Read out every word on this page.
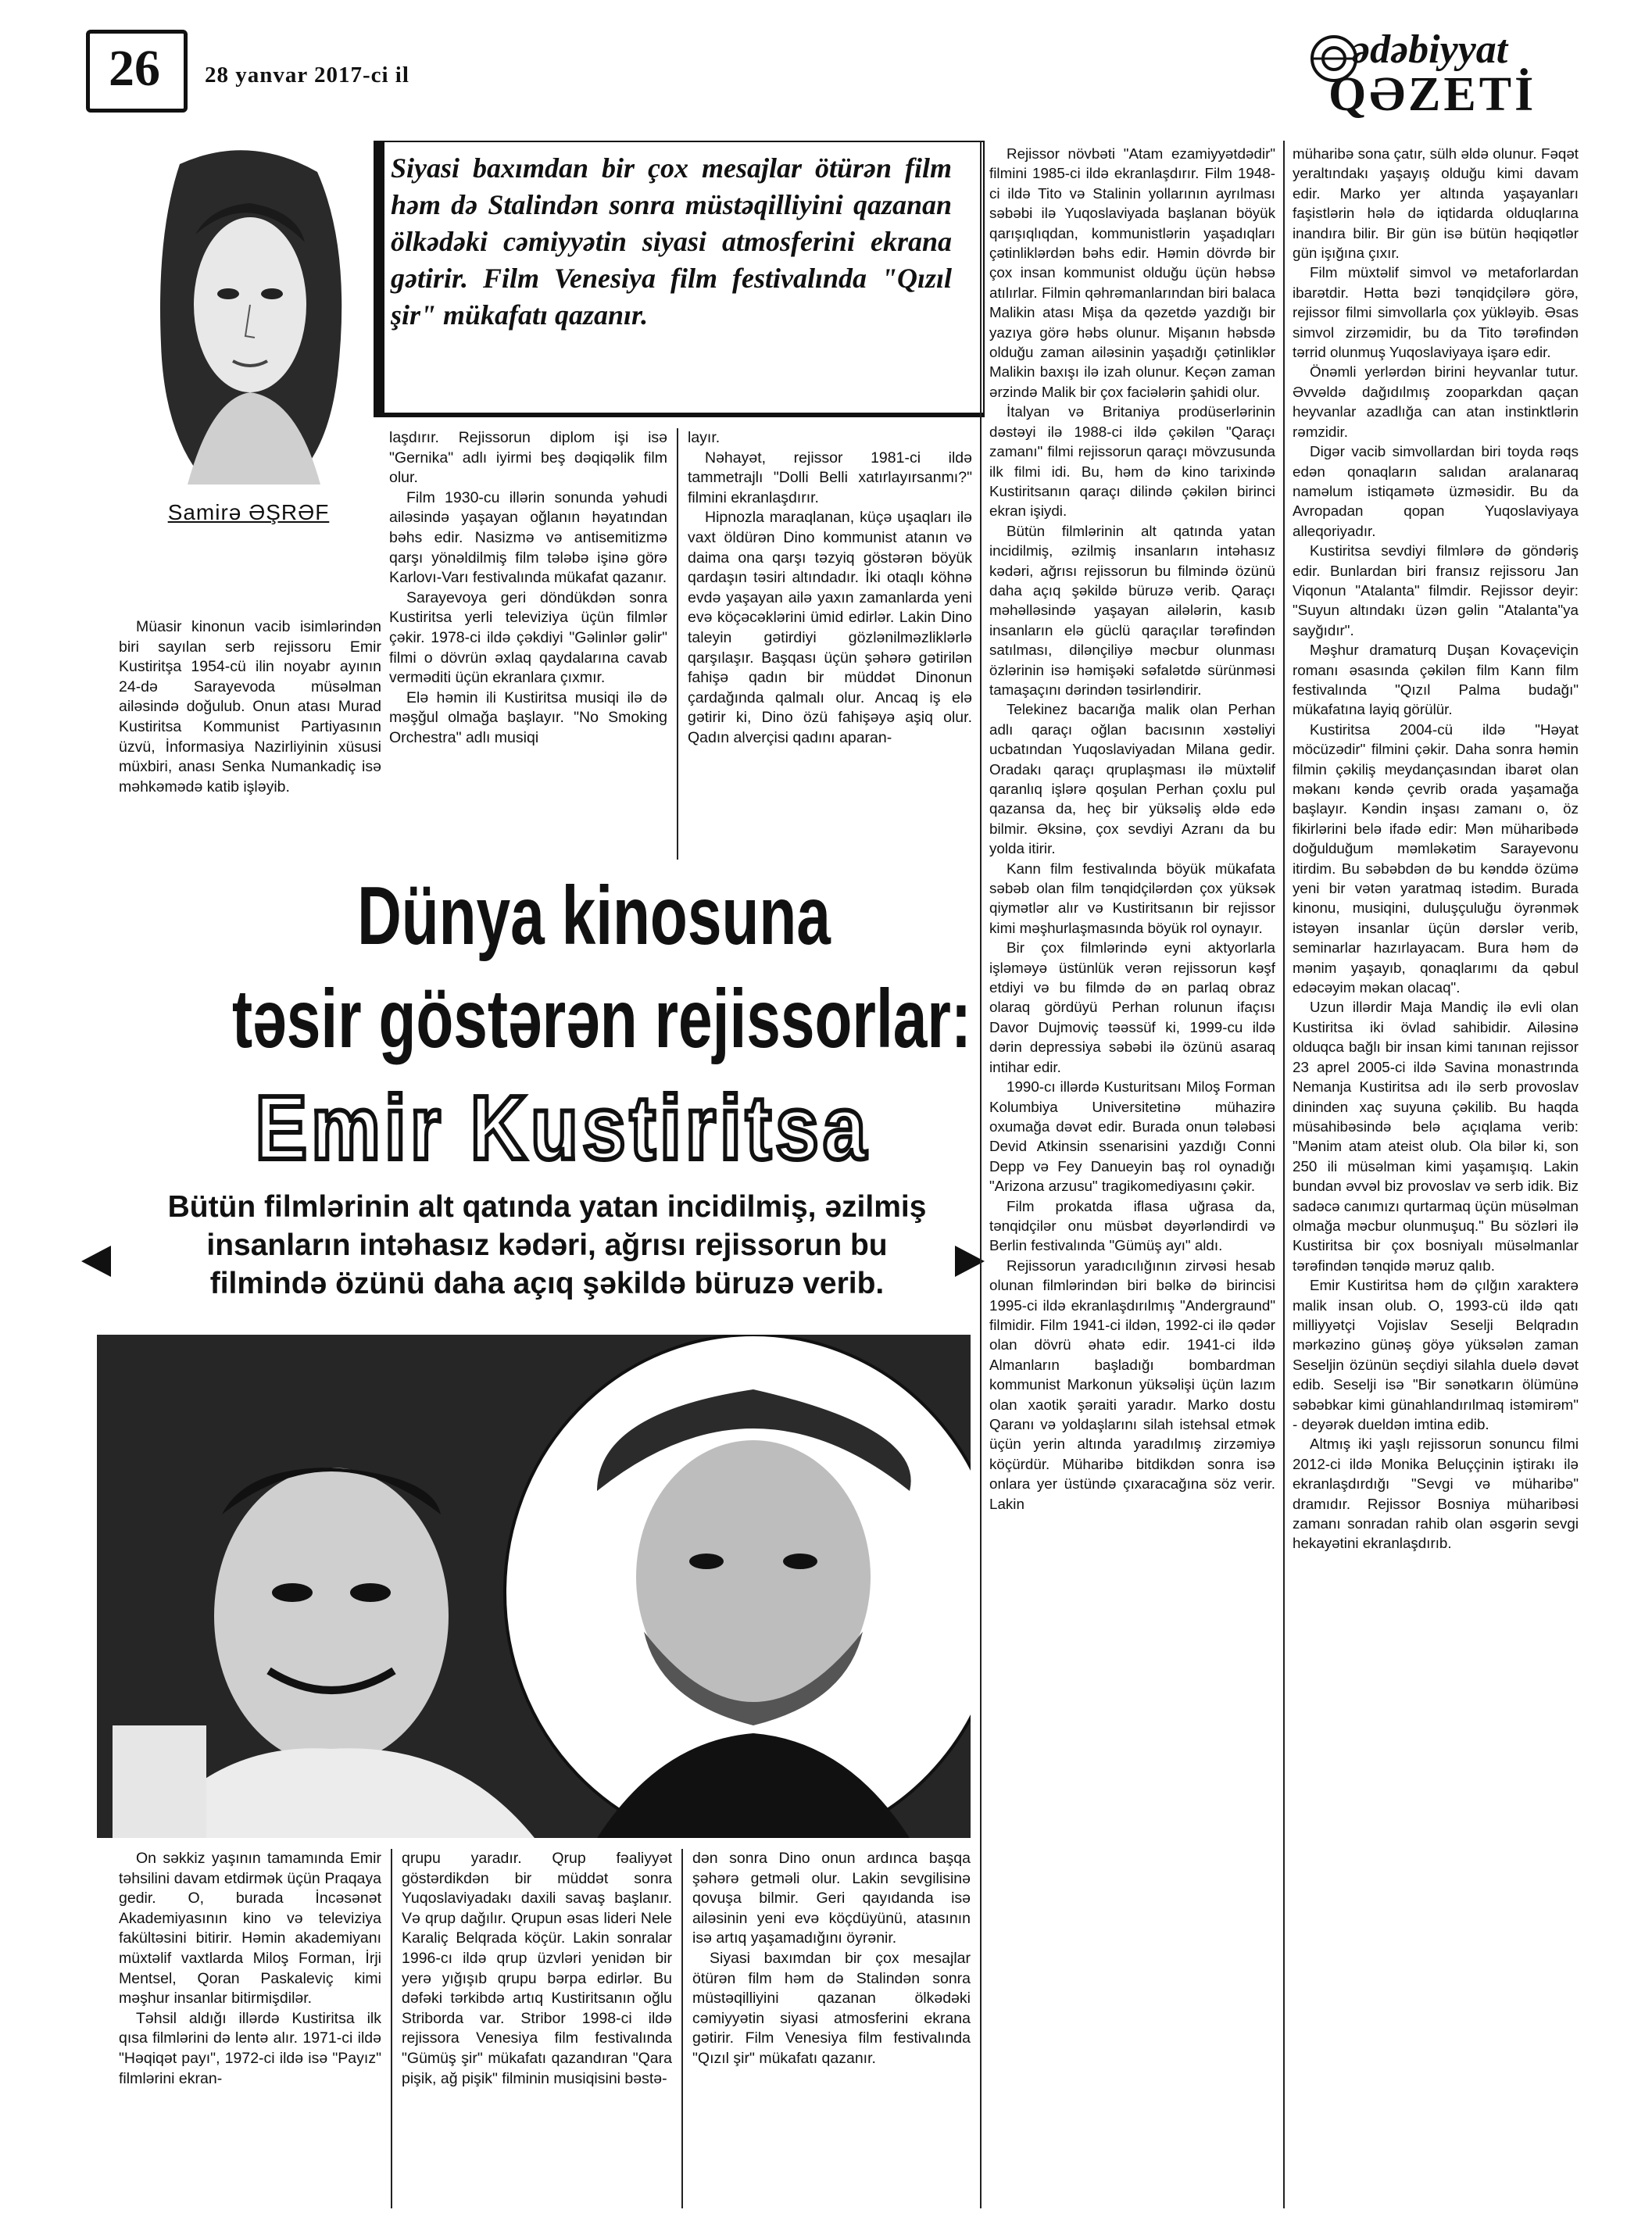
26	28 yanvar 2017-ci il
ədəbiyyat
QƏZETİ
Samirə ƏŞRƏF
Siyasi baxımdan bir çox mesajlar ötürən film həm də Stalindən sonra müstəqilliyini qazanan ölkədəki cəmiyyətin siyasi atmosferini ekrana gətirir. Film Venesiya film festivalında "Qızıl şir" mükafatı qazanır.

Müasir kinonun vacib isimlərindən biri sayılan serb rejissoru Emir Kustiritşa 1954-cü ilin noyabr ayının 24-də Sarayevoda müsəlman ailəsində doğulub. Onun atası Murad Kustiritsa Kommunist Partiyasının üzvü, İnformasiya Nazirliyinin xüsusi müxbiri, anası Senka Numankadiç isə məhkəmədə katib işləyib.

laşdırır. Rejissorun diplom işi isə "Gernika" adlı iyirmi beş dəqiqəlik film olur.

Film 1930-cu illərin sonunda yəhudi ailəsində yaşayan oğlanın həyatından bəhs edir. Nasizmə və antisemitizmə qarşı yönəldilmiş film tələbə işinə görə Karlovı-Varı festivalında mükafat qazanır.

Sarayevoya geri döndükdən sonra Kustiritsa yerli televiziya üçün filmlər çəkir. 1978-ci ildə çəkdiyi "Gəlinlər gəlir" filmi o dövrün əxlaq qaydalarına cavab verməditi üçün ekranlara çıxmır.

Elə həmin ili Kustiritsa musiqi ilə də məşğul olmağa başlayır. "No Smoking Orchestra" adlı musiqi

layır.

Nəhayət, rejissor 1981-ci ildə tammetrajlı "Dolli Belli xatırlayırsanmı?" filmini ekranlaşdırır.

Hipnozla maraqlanan, küçə uşaqları ilə vaxt öldürən Dino kommunist atanın və daima ona qarşı təzyiq göstərən böyük qardaşın təsiri altındadır. İki otaqlı köhnə evdə yaşayan ailə yaxın zamanlarda yeni evə köçəcəklərini ümid edirlər. Lakin Dino taleyin gətirdiyi gözlənilməzliklərlə qarşılaşır. Başqası üçün şəhərə gətirilən fahişə qadın bir müddət Dinonun çardağında qalmalı olur. Ancaq iş elə gətirir ki, Dino özü fahişəyə aşiq olur. Qadın alverçisi qadını aparan-

Dünya kinosuna
təsir göstərən rejissorlar:
Emir Kustiritsa
Bütün filmlərinin alt qatında yatan incidilmiş, əzilmiş insanların intəhasız kədəri, ağrısı rejissorun bu filmində özünü daha açıq şəkildə büruzə verib.

On səkkiz yaşının tamamında Emir təhsilini davam etdirmək üçün Praqaya gedir. O, burada İncəsənət Akademiyasının kino və televiziya fakültəsini bitirir. Həmin akademiyanı müxtəlif vaxtlarda Miloş Forman, İrji Mentsel, Qoran Paskaleviç kimi məşhur insanlar bitirmişdilər.

Təhsil aldığı illərdə Kustiritsa ilk qısa filmlərini də lentə alır. 1971-ci ildə "Həqiqət payı", 1972-ci ildə isə "Payız" filmlərini ekran-

qrupu yaradır. Qrup fəaliyyət göstərdikdən bir müddət sonra Yuqoslaviyadakı daxili savaş başlanır. Və qrup dağılır. Qrupun əsas lideri Nele Karaliç Belqrada köçür. Lakin sonralar 1996-cı ildə qrup üzvləri yenidən bir yerə yığışıb qrupu bərpa edirlər. Bu dəfəki tərkibdə artıq Kustiritsanın oğlu Striborda var. Stribor 1998-ci ildə rejissora Venesiya film festivalında "Gümüş şir" mükafatı qazandıran "Qara pişik, ağ pişik" filminin musiqisini bəstə-

dən sonra Dino onun ardınca başqa şəhərə getməli olur. Lakin sevgilisinə qovuşa bilmir. Geri qayıdanda isə ailəsinin yeni evə köçdüyünü, atasının isə artıq yaşamadığını öyrənir.

Siyasi baxımdan bir çox mesajlar ötürən film həm də Stalindən sonra müstəqilliyini qazanan ölkədəki cəmiyyətin siyasi atmosferini ekrana gətirir. Film Venesiya film festivalında "Qızıl şir" mükafatı qazanır.

Rejissor növbəti "Atam ezamiyyətdədir" filmini 1985-ci ildə ekranlaşdırır. Film 1948-ci ildə Tito və Stalinin yollarının ayrılması səbəbi ilə Yuqoslaviyada başlanan böyük qarışıqlıqdan, kommunistlərin yaşadıqları çətinliklərdən bəhs edir. Həmin dövrdə bir çox insan kommunist olduğu üçün həbsə atılırlar. Filmin qəhrəmanlarından biri balaca Malikin atası Mişa da qəzetdə yazdığı bir yazıya görə həbs olunur. Mişanın həbsdə olduğu zaman ailəsinin yaşadığı çətinliklər Malikin baxışı ilə izah olunur. Keçən zaman ərzində Malik bir çox faciələrin şahidi olur.

İtalyan və Britaniya prodüserlərinin dəstəyi ilə 1988-ci ildə çəkilən "Qaraçı zamanı" filmi rejissorun qaraçı mövzusunda ilk filmi idi. Bu, həm də kino tarixində Kustiritsanın qaraçı dilində çəkilən birinci ekran işiydi.

Bütün filmlərinin alt qatında yatan incidilmiş, əzilmiş insanların intəhasız kədəri, ağrısı rejissorun bu filmində özünü daha açıq şəkildə büruzə verib. Qaraçı məhəlləsində yaşayan ailələrin, kasıb insanların elə güclü qaraçılar tərəfindən satılması, dilənçiliyə məcbur olunması özlərinin isə həmişəki səfalətdə sürünməsi tamaşaçını dərindən təsirləndirir.

Telekinez bacarığa malik olan Perhan adlı qaraçı oğlan bacısının xəstəliyi ucbatından Yuqoslaviyadan Milana gedir. Oradakı qaraçı qruplaşması ilə müxtəlif qaranlıq işlərə qoşulan Perhan çoxlu pul qazansa da, heç bir yüksəliş əldə edə bilmir. Əksinə, çox sevdiyi Azranı da bu yolda itirir.

Kann film festivalında böyük mükafata səbəb olan film tənqidçilərdən çox yüksək qiymətlər alır və Kustiritsanın bir rejissor kimi məşhurlaşmasında böyük rol oynayır.

Bir çox filmlərində eyni aktyorlarla işləməyə üstünlük verən rejissorun kəşf etdiyi və bu filmdə də ən parlaq obraz olaraq gördüyü Perhan rolunun ifaçısı Davor Dujmoviç təəssüf ki, 1999-cu ildə dərin depressiya səbəbi ilə özünü asaraq intihar edir.

1990-cı illərdə Kusturitsanı Miloş Forman Kolumbiya Universitetinə mühazirə oxumağa dəvət edir. Burada onun tələbəsi Devid Atkinsin ssenarisini yazdığı Conni Depp və Fey Danueyin baş rol oynadığı "Arizona arzusu" tragikomediyasını çəkir.

Film prokatda iflasa uğrasa da, tənqidçilər onu müsbət dəyərləndirdi və Berlin festivalında "Gümüş ayı" aldı.

Rejissorun yaradıcılığının zirvəsi hesab olunan filmlərindən biri bəlkə də birincisi 1995-ci ildə ekranlaşdırılmış "Andergraund" filmidir. Film 1941-ci ildən, 1992-ci ilə qədər olan dövrü əhatə edir. 1941-ci ildə Almanların başladığı bombardman kommunist Markonun yüksəlişi üçün lazım olan xaotik şəraiti yaradır. Marko dostu Qaranı və yoldaşlarını silah istehsal etmək üçün yerin altında yaradılmış zirzəmiyə köçürdür. Müharibə bitdikdən sonra isə onlara yer üstündə çıxaracağına söz verir. Lakin

müharibə sona çatır, sülh əldə olunur. Fəqət yeraltındakı yaşayış olduğu kimi davam edir. Marko yer altında yaşayanları faşistlərin hələ də iqtidarda olduqlarına inandıra bilir. Bir gün isə bütün həqiqətlər gün işığına çıxır.

Film müxtəlif simvol və metaforlardan ibarətdir. Hətta bəzi tənqidçilərə görə, rejissor filmi simvollarla çox yükləyib. Əsas simvol zirzəmidir, bu da Tito tərəfindən tərrid olunmuş Yuqoslaviyaya işarə edir.

Önəmli yerlərdən birini heyvanlar tutur. Əvvəldə dağıdılmış zooparkdan qaçan heyvanlar azadlığa can atan instinktlərin rəmzidir.

Digər vacib simvollardan biri toyda rəqs edən qonaqların salıdan aralanaraq naməlum istiqamətə üzməsidir. Bu da Avropadan qopan Yuqoslaviyaya alleqoriyadır.

Kustiritsa sevdiyi filmlərə də göndəriş edir. Bunlardan biri fransız rejissoru Jan Viqonun "Atalanta" filmdir. Rejissor deyir: "Suyun altındakı üzən gəlin "Atalanta"ya sayğıdır".

Məşhur dramaturq Duşan Kovaçeviçin romanı əsasında çəkilən film Kann film festivalında "Qızıl Palma budağı" mükafatına layiq görülür.

Kustiritsa 2004-cü ildə "Həyat möcüzədir" filmini çəkir. Daha sonra həmin filmin çəkiliş meydançasından ibarət olan məkanı kəndə çevrib orada yaşamağa başlayır. Kəndin inşası zamanı o, öz fikirlərini belə ifadə edir: Mən müharibədə doğulduğum məmləkətim Sarayevonu itirdim. Bu səbəbdən də bu kənddə özümə yeni bir vətən yaratmaq istədim. Burada kinonu, musiqini, duluşçuluğu öyrənmək istəyən insanlar üçün dərslər verib, seminarlar hazırlayacam. Bura həm də mənim yaşayıb, qonaqlarımı da qəbul edəcəyim məkan olacaq".

Uzun illərdir Maja Mandiç ilə evli olan Kustiritsa iki övlad sahibidir. Ailəsinə olduqca bağlı bir insan kimi tanınan rejissor 23 aprel 2005-ci ildə Savina monastrında Nemanja Kustiritsa adı ilə serb provoslav dininden xaç suyuna çəkilib. Bu haqda müsahibəsində belə açıqlama verib: "Mənim atam ateist olub. Ola bilər ki, son 250 ili müsəlman kimi yaşamışıq. Lakin bundan əvvəl biz provoslav və serb idik. Biz sadəcə canımızı qurtarmaq üçün müsəlman olmağa məcbur olunmuşuq." Bu sözləri ilə Kustiritsa bir çox bosniyalı müsəlmanlar tərəfindən tənqidə məruz qalıb.

Emir Kustiritsa həm də çılğın xarakterə malik insan olub. O, 1993-cü ildə qatı milliyyətçi Vojislav Seselji Belqradın mərkəzino günəş göyə yüksələn zaman Seseljin özünün seçdiyi silahla duelə dəvət edib. Seselji isə "Bir sənətkarın ölümünə səbəbkar kimi günahlandırılmaq istəmirəm" - deyərək dueldən imtina edib.

Altmış iki yaşlı rejissorun sonuncu filmi 2012-ci ildə Monika Beluççinin iştirakı ilə ekranlaşdırdığı "Sevgi və müharibə" dramıdır. Rejissor Bosniya müharibəsi zamanı sonradan rahib olan əsgərin sevgi hekayətini ekranlaşdırıb.
